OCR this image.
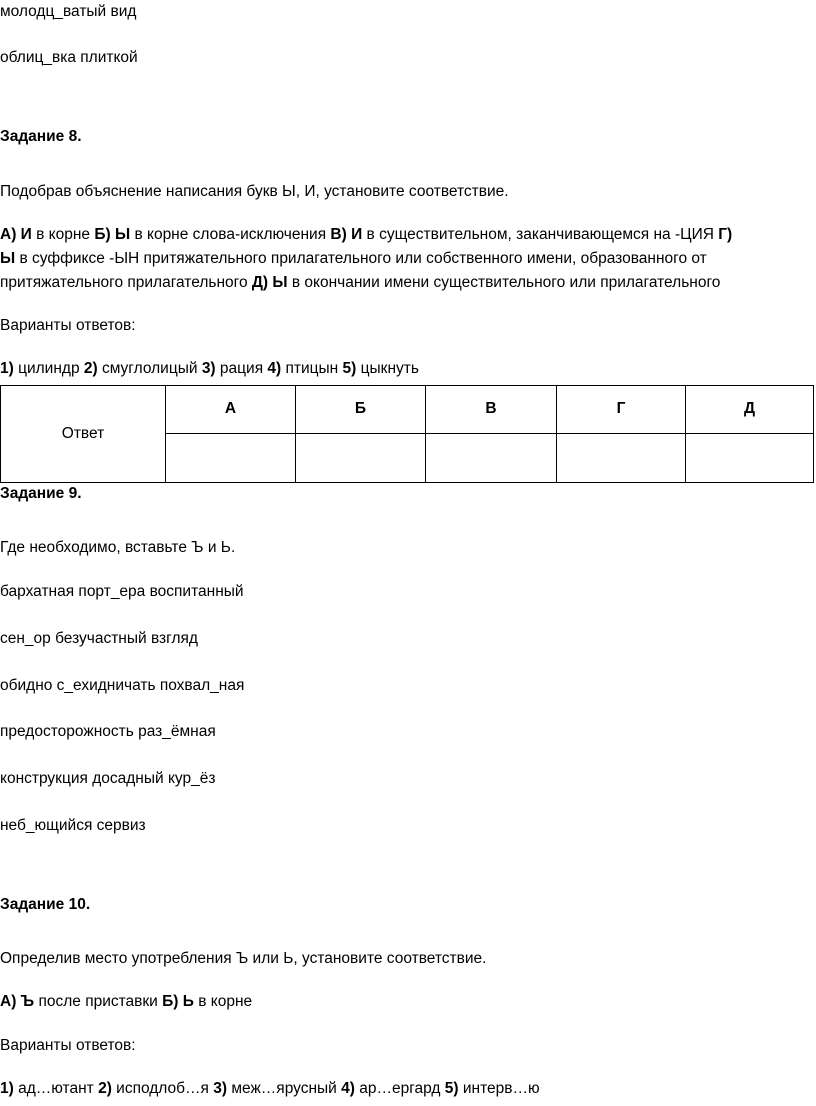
молодц_ватый вид
облиц_вка плиткой
Задание 8.
Подобрав объяснение написания букв Ы, И, установите соответствие.
А) И в корне Б) Ы в корне слова-исключения В) И в существительном, заканчивающемся на -ЦИЯ Г)
Ы в суффиксе -ЫН притяжательного прилагательного или собственного имени, образованного от
притяжательного прилагательного Д) Ы в окончании имени существительного или прилагательного
Варианты ответов:
1) цилиндр 2) смуглолицый 3) рация 4) птицын 5) цыкнуть
Ответ	А	Б	В	Г	Д

Задание 9.
Где необходимо, вставьте Ъ и Ь.
бархатная порт_ера воспитанный
сен_ор безучастный взгляд
обидно с_ехидничать похвал_ная
предосторожность раз_ёмная
конструкция досадный кур_ёз
неб_ющийся сервиз
Задание 10.
Определив место употребления Ъ или Ь, установите соответствие.
А) Ъ после приставки Б) Ь в корне
Варианты ответов:
1) ад…ютант 2) исподлоб…я 3) меж…ярусный 4) ар…ергард 5) интерв…ю
